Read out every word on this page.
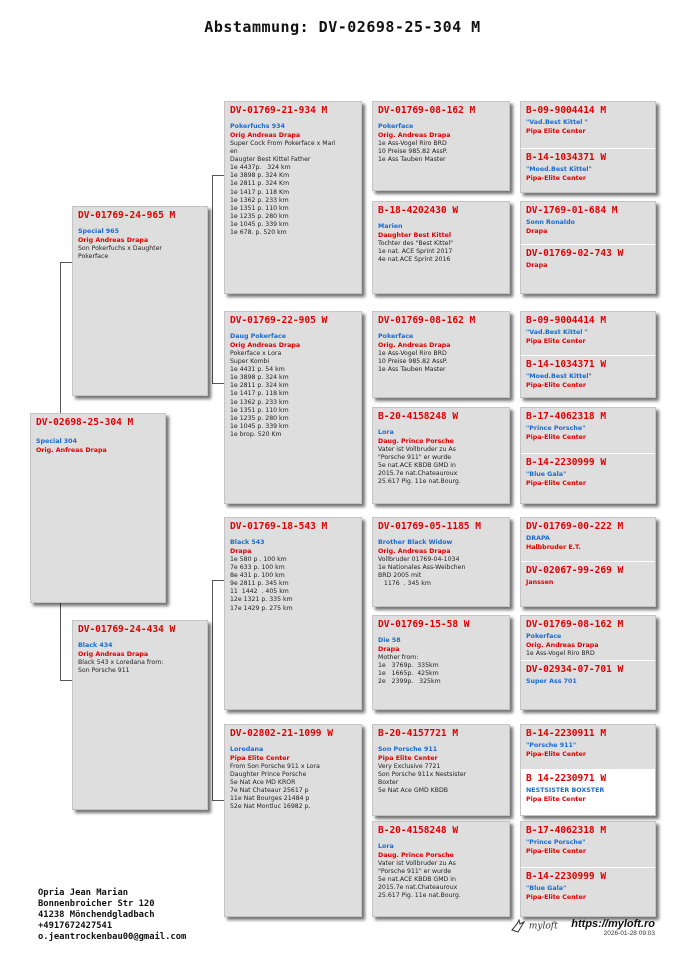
Abstammung: DV-02698-25-304 M
DV-02698-25-304 M
Special 304
Orig. Anfreas Drapa
DV-01769-24-965 M
Special 965
Orig Andreas Drapa
Son Pokerfuchs x Daughter
Pokerface
DV-01769-24-434 W
Black 434
Orig Andreas Drapa
Black 543 x Loredana from:
Son Porsche 911
DV-01769-21-934 M
Pokerfuchs 934
Orig Andreas Drapa
Super Cock From Pokerface x Mari
en
Daugter Best Kittel Father
1e 4437p.   324 km
1e 3898 p. 324 Km
1e 2811 p. 324 Km
1e 1417 p. 118 Km
1e 1362 p. 233 km
1e 1351 p. 110 km
1e 1235 p. 280 km
1e 1045 p. 339 km
1e 678. p. 520 km
DV-01769-22-905 W
Daug Pokerface
Orig Andreas Drapa
Pokerface x Lora
Super Kombi
1e 4431 p. 54 km
1e 3898 p. 324 km
1e 2811 p. 324 km
1e 1417 p. 118 km
1e 1362 p. 233 km
1e 1351 p. 110 km
1e 1235 p. 280 km
1e 1045 p. 339 km
1e brop. 520 Km
DV-01769-18-543 M
Black 543
Drapa
1e 580 p . 100 km
7e 633 p. 100 km
8e 431 p. 100 km
9e 2811 p. 345 km
11  1442  . 405 km
12e 1321 p. 335 km
17e 1429 p. 275 km
DV-02802-21-1099 W
Loredana
Pipa Elite Center
From Son Porsche 911 x Lora
Daughter Prince Porsche
5e Nat Ace MD KROR
7e Nat Chateaur 25617 p
11e Nat Bourges 21484 p
52e Nat Montluc 16982 p.
DV-01769-08-162 M
Pokerface
Orig. Andreas Drapa
1e Ass-Vogel Riro BRD
10 Preise 985.82 AssP.
1e Ass Tauben Master
B-18-4202430 W
Marien
Daughter Best Kittel
Tochter des "Best Kittel"
1e nat. ACE Sprint 2017
4e nat.ACE Sprint 2016
DV-01769-08-162 M
Pokerface
Orig. Andreas Drapa
1e Ass-Vogel Riro BRD
10 Preise 985.82 AssP.
1e Ass Tauben Master
B-20-4158248 W
Lora
Daug. Prince Porsche
Vater ist Vollbruder zu As
"Porsche 911" er wurde
5e nat.ACE KBDB GMD in
2015.7e nat.Chateauroux
25.617 Pig. 11e nat.Bourg.
DV-01769-05-1185 M
Brother Black Widow
Orig. Andreas Drapa
Vollbruder 01769-04-1034
1e Nationales Ass-Weibchen
BRD 2005 mit
1176  . 345 km
DV-01769-15-58 W
Die 58
Drapa
Mother from:
1e   3769p.  335km
1e   1665p.  425km
2e   2399p.   325km
B-20-4157721 M
Son Porsche 911
Pipa Elite Center
Very Exclusive 7721
Son Porsche 911x Nestsister
Boxter
5e Nat Ace GMD KBDB
B-20-4158248 W
Lora
Daug. Prince Porsche
Vater ist Vollbruder zu As
"Porsche 911" er wurde
5e nat.ACE KBDB GMD in
2015.7e nat.Chateauroux
25.617 Pig. 11e nat.Bourg.
B-09-9004414 M
"Vad.Best Kittel "
Pipa Elite Center
B-14-1034371 W
"Moed.Best Kittel"
Pipa-Elite Center
DV-1769-01-684 M
Sonn Ronaldo
Drapa
DV-01769-02-743 W
Drapa
B-09-9004414 M
"Vad.Best Kittel "
Pipa Elite Center
B-14-1034371 W
"Moed.Best Kittel"
Pipa-Elite Center
B-17-4062318 M
"Prince Porsche"
Pipa-Elite Center
B-14-2230999 W
"Blue Gala"
Pipa-Elite Center
DV-01769-00-222 M
DRAPA
Halbbruder E.T.
DV-02067-99-269 W
Janssen
DV-01769-08-162 M
Pokerface
Orig. Andreas Drapa
1e Ass-Vogel Riro BRD
DV-02934-07-701 W
Super Ass 701
B-14-2230911 M
"Porsche 911"
Pipa-Elite Center
B 14-2230971 W
NESTSISTER BOXSTER
Pipa Elite Center
B-17-4062318 M
"Prince Porsche"
Pipa-Elite Center
B-14-2230999 W
"Blue Gala"
Pipa-Elite Center
Opria Jean Marian
Bonnenbroicher Str 120
41238 Mönchendgladbach
+4917672427541
o.jeantrockenbau00@gmail.com
myloft https://myloft.ro
2026-01-28 09:03
